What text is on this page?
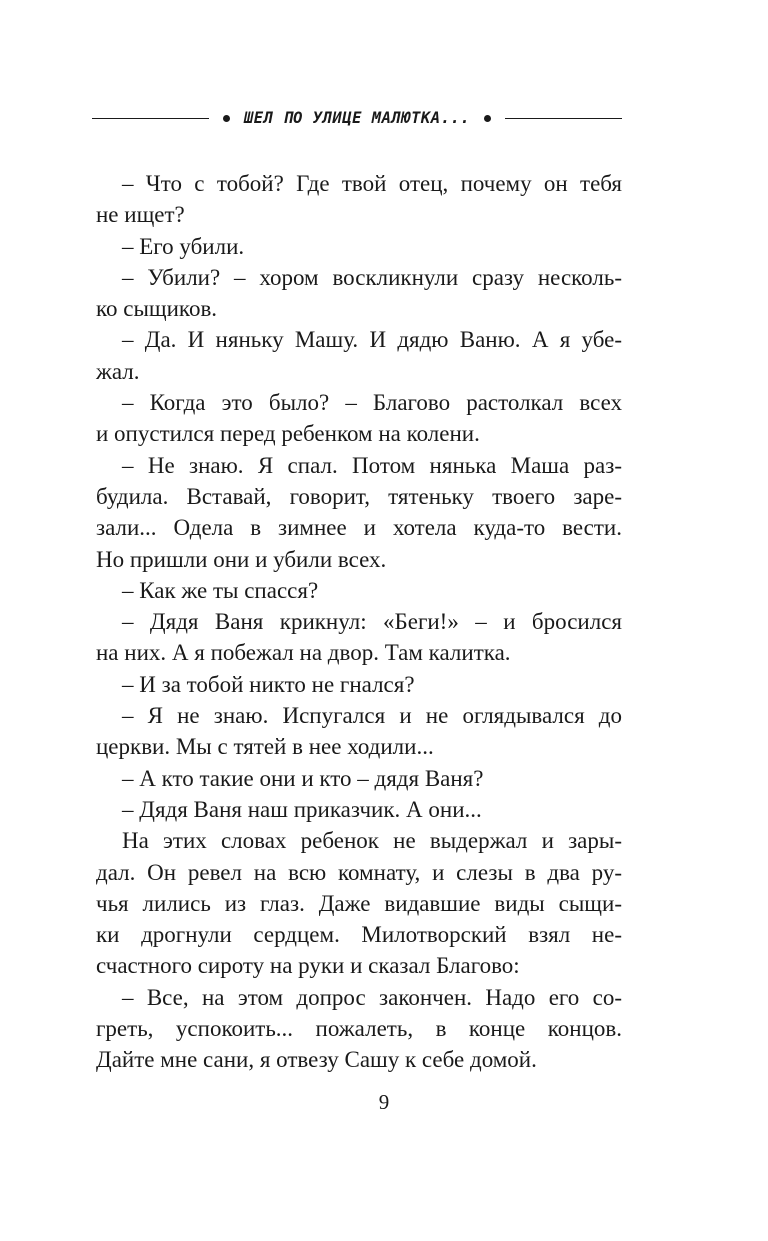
ШЕЛ ПО УЛИЦЕ МАЛЮТКА...
– Что с тобой? Где твой отец, почему он тебя
не ищет?
– Его убили.
– Убили? – хором воскликнули сразу несколь-
ко сыщиков.
– Да. И няньку Машу. И дядю Ваню. А я убе-
жал.
– Когда это было? – Благово растолкал всех
и опустился перед ребенком на колени.
– Не знаю. Я спал. Потом нянька Маша раз-
будила. Вставай, говорит, тятеньку твоего заре-
зали... Одела в зимнее и хотела куда-то вести.
Но пришли они и убили всех.
– Как же ты спасся?
– Дядя Ваня крикнул: «Беги!» – и бросился
на них. А я побежал на двор. Там калитка.
– И за тобой никто не гнался?
– Я не знаю. Испугался и не оглядывался до
церкви. Мы с тятей в нее ходили...
– А кто такие они и кто – дядя Ваня?
– Дядя Ваня наш приказчик. А они...
На этих словах ребенок не выдержал и зары-
дал. Он ревел на всю комнату, и слезы в два ру-
чья лились из глаз. Даже видавшие виды сыщи-
ки дрогнули сердцем. Милотворский взял не-
счастного сироту на руки и сказал Благово:
– Все, на этом допрос закончен. Надо его со-
греть, успокоить... пожалеть, в конце концов.
Дайте мне сани, я отвезу Сашу к себе домой.
9
